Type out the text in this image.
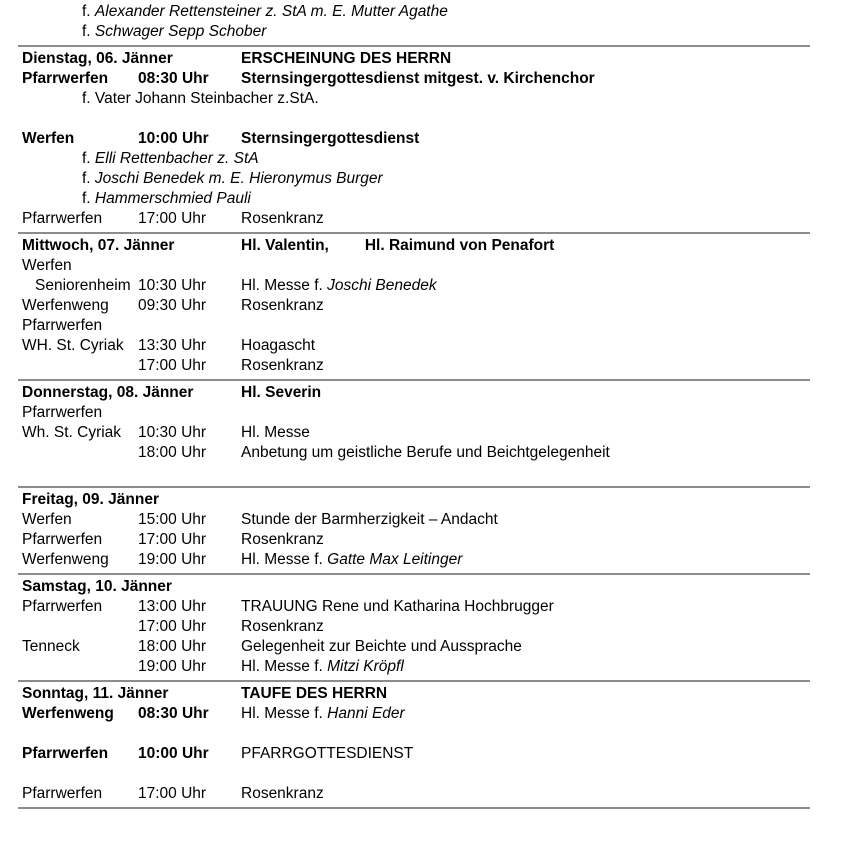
f. Alexander Rettensteiner z. StA m. E. Mutter Agathe
f. Schwager Sepp Schober
Dienstag, 06. Jänner	ERSCHEINUNG DES HERRN
Pfarrwerfen	08:30 Uhr	Sternsingergottesdienst mitgest. v. Kirchenchor
f. Vater Johann Steinbacher z.StA.
Werfen	10:00 Uhr	Sternsingergottesdienst
f. Elli Rettenbacher z. StA
f. Joschi Benedek m. E. Hieronymus Burger
f. Hammerschmied Pauli
Pfarrwerfen	17:00 Uhr	Rosenkranz
Mittwoch, 07. Jänner	Hl. Valentin, Hl. Raimund von Penafort
Werfen
Seniorenheim 10:30 Uhr	Hl. Messe f. Joschi Benedek
Werfenweng	09:30 Uhr	Rosenkranz
Pfarrwerfen
WH. St. Cyriak 13:30 Uhr	Hoagascht
17:00 Uhr	Rosenkranz
Donnerstag, 08. Jänner	Hl. Severin
Pfarrwerfen
Wh. St. Cyriak	10:30 Uhr	Hl. Messe
18:00 Uhr	Anbetung um geistliche Berufe und Beichtgelegenheit
Freitag, 09. Jänner
Werfen	15:00 Uhr	Stunde der Barmherzigkeit – Andacht
Pfarrwerfen	17:00 Uhr	Rosenkranz
Werfenweng	19:00 Uhr	Hl. Messe f. Gatte Max Leitinger
Samstag, 10. Jänner
Pfarrwerfen	13:00 Uhr	TRAUUNG Rene und Katharina Hochbrugger
17:00 Uhr	Rosenkranz
Tenneck	18:00 Uhr	Gelegenheit zur Beichte und Aussprache
19:00 Uhr	Hl. Messe f. Mitzi Kröpfl
Sonntag, 11. Jänner	TAUFE DES HERRN
Werfenweng	08:30 Uhr	Hl. Messe f. Hanni Eder
Pfarrwerfen	10:00 Uhr	PFARRGOTTESDIENST
Pfarrwerfen	17:00 Uhr	Rosenkranz
